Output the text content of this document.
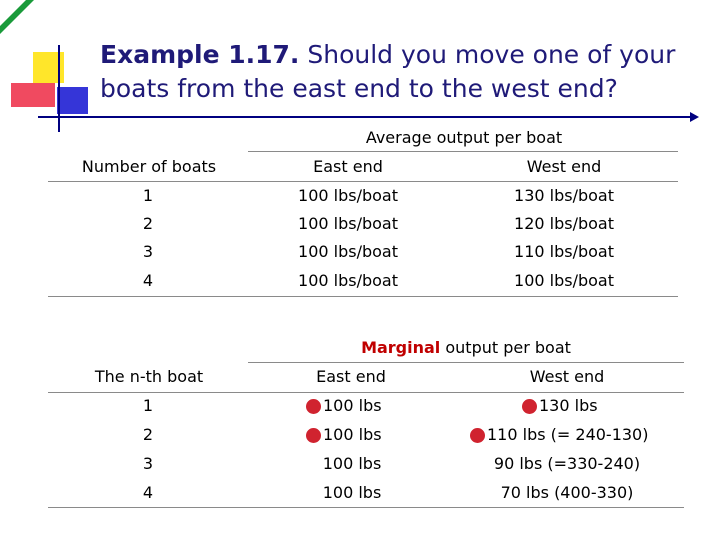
Example 1.17. Should you move one of your boats from the east end to the west end?
Average output per boat
Number of boats	East end	West end
1	100 lbs/boat	130 lbs/boat
2	100 lbs/boat	120 lbs/boat
3	100 lbs/boat	110 lbs/boat
4	100 lbs/boat	100 lbs/boat
Marginal output per boat
The n-th boat	East end	West end
1	100 lbs	130 lbs
2	100 lbs	110 lbs (= 240-130)
3	100 lbs	90 lbs (=330-240)
4	100 lbs	70 lbs (400-330)
